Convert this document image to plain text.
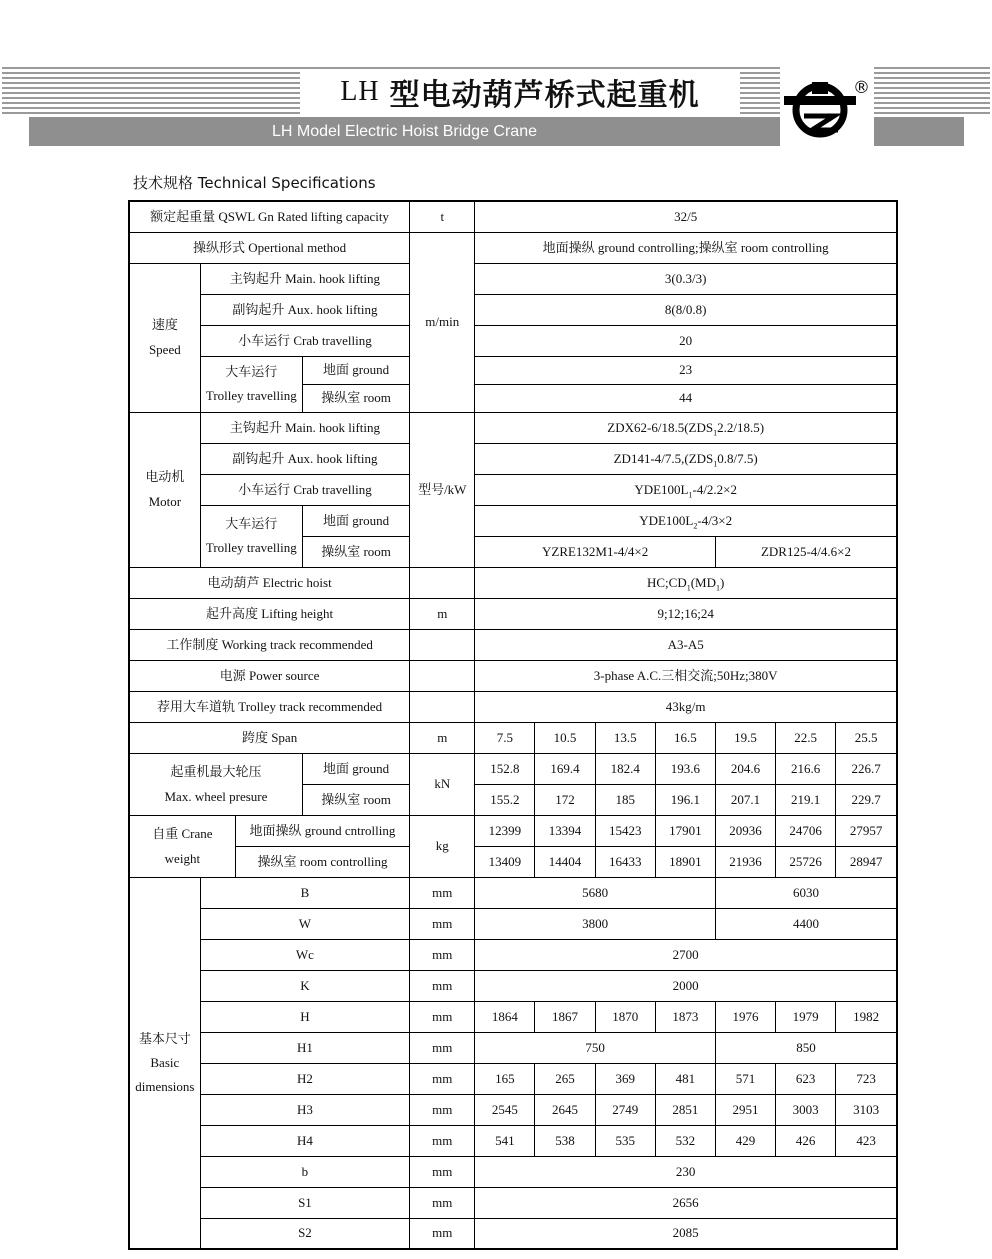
LH 型电动葫芦桥式起重机
LH Model Electric Hoist Bridge Crane
®
技术规格 Technical Specifications
额定起重量 QSWL Gn Rated lifting capacity				t	32/5						
操纵形式 Opertional method				m/min	地面操纵 ground controlling;操纵室 room controlling						

速度
Speed	主钩起升 Main. hook lifting				3(0.3/3)						
	副钩起升 Aux. hook lifting				8(8/0.8)						
	小车运行 Crab travelling				20						

	大车运行
Trolley travelling		地面 ground		23						
			操纵室 room		44						

电动机
Motor	主钩起升 Main. hook lifting			型号/kW	$ZDX62-6/18.5(ZDS_12.2/18.5)$						
	副钩起升 Aux. hook lifting				$ZD141-4/7.5,(ZDS_10.8/7.5)$						
	小车运行 Crab travelling				$YDE100L_1-4/2.2\times 2$						

	大车运行
Trolley travelling		地面 ground		$YDE100L_2-4/3\times 2$						
			操纵室 room		YZRE132M1-4/4×2				ZDR125-4/4.6×2		
电动葫芦 Electric hoist					$HC;CD_1(MD_1)$						
起升高度 Lifting height				m	9;12;16;24						
工作制度 Working track recommended					A3-A5						
电源 Power source					3-phase A.C.三相交流;50Hz;380V						
荐用大车道轨 Trolley track recommended					43kg/m						
跨度 Span				m	7.5	10.5	13.5	16.5	19.5	22.5	25.5

起重机最大轮压
Max. wheel presure			地面 ground	kN	152.8	169.4	182.4	193.6	204.6	216.6	226.7
			操纵室 room		155.2	172	185	196.1	207.1	219.1	229.7

自重 Crane
weight		地面操纵 ground cntrolling		kg	12399	13394	15423	17901	20936	24706	27957
		操纵室 room controlling			13409	14404	16433	18901	21936	25726	28947

基本尺寸
Basic
dimensions	B			mm	5680				6030		
	W			mm	3800				4400		
	Wc			mm	2700						
	K			mm	2000						
	H			mm	1864	1867	1870	1873	1976	1979	1982
	H1			mm	750				850		
	H2			mm	165	265	369	481	571	623	723
	H3			mm	2545	2645	2749	2851	2951	3003	3103
	H4			mm	541	538	535	532	429	426	423
	b			mm	230						
	S1			mm	2656						
	S2			mm	2085						
